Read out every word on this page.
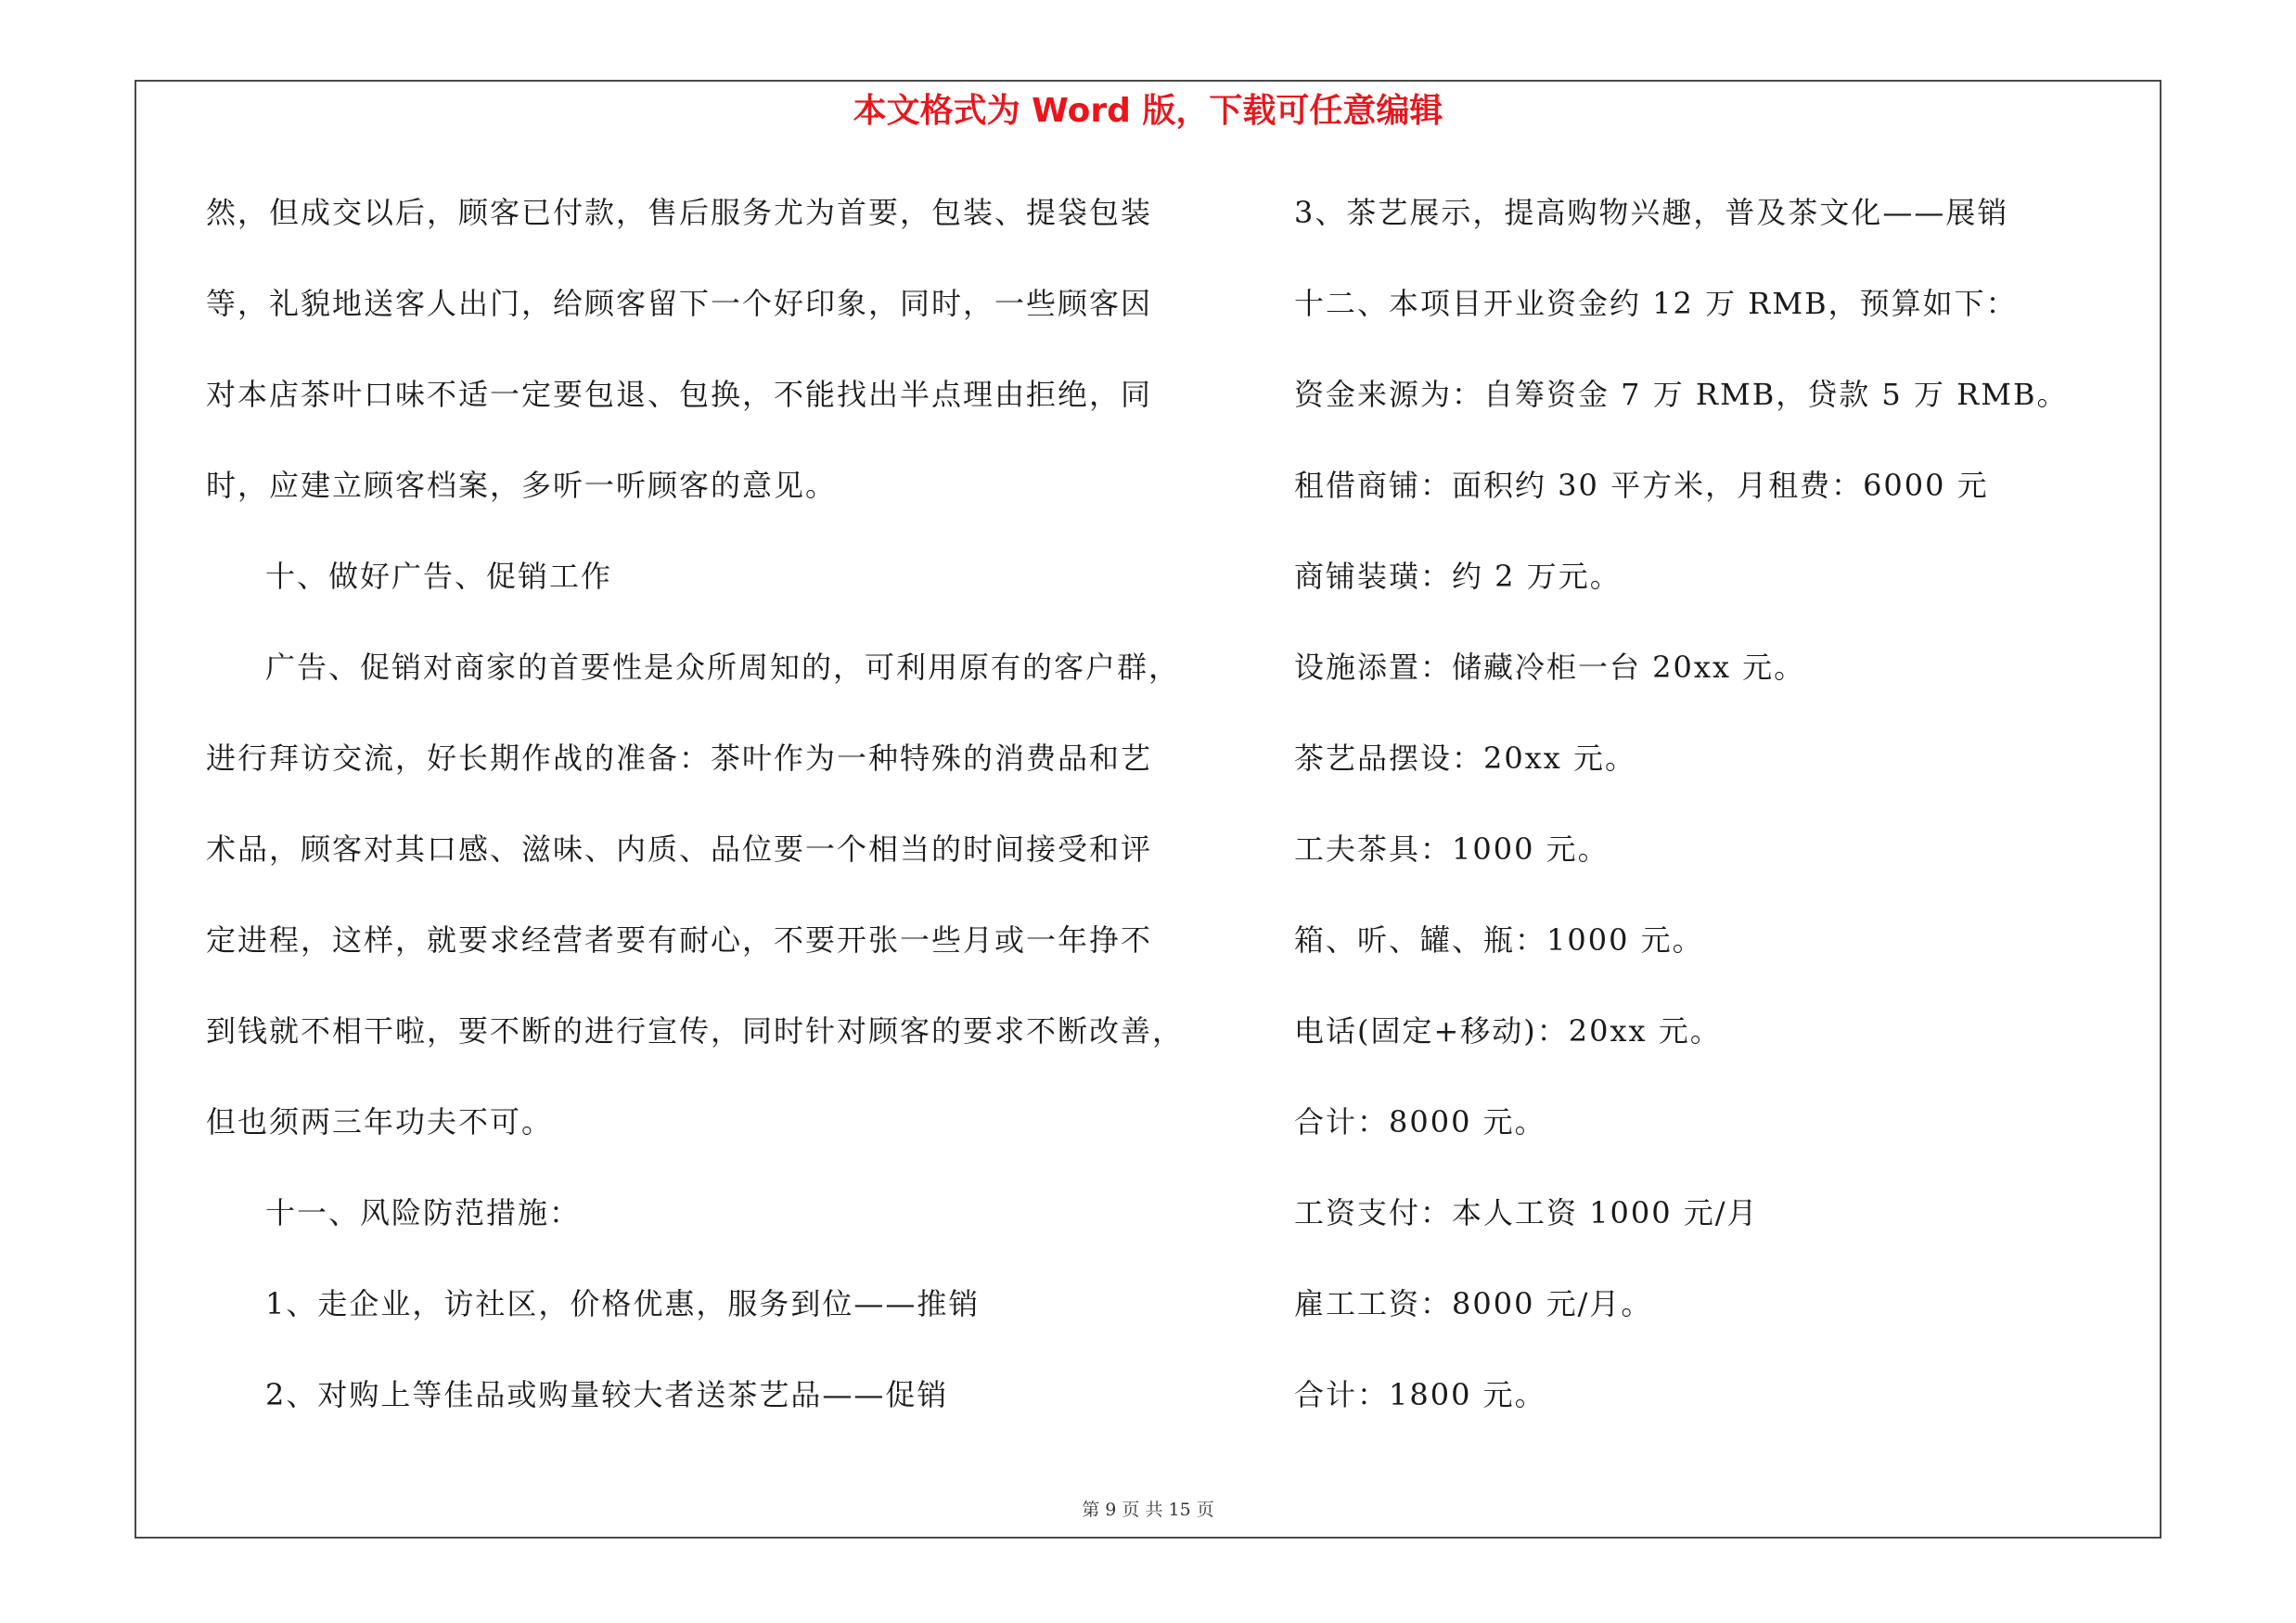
本文格式为 Word 版，下载可任意编辑
然，但成交以后，顾客已付款，售后服务尤为首要，包装、提袋包装
等，礼貌地送客人出门，给顾客留下一个好印象，同时，一些顾客因
对本店茶叶口味不适一定要包退、包换，不能找出半点理由拒绝，同
时，应建立顾客档案，多听一听顾客的意见。
十、做好广告、促销工作
广告、促销对商家的首要性是众所周知的，可利用原有的客户群，
进行拜访交流，好长期作战的准备：茶叶作为一种特殊的消费品和艺
术品，顾客对其口感、滋味、内质、品位要一个相当的时间接受和评
定进程，这样，就要求经营者要有耐心，不要开张一些月或一年挣不
到钱就不相干啦，要不断的进行宣传，同时针对顾客的要求不断改善，
但也须两三年功夫不可。
十一、风险防范措施：
1、走企业，访社区，价格优惠，服务到位——推销
2、对购上等佳品或购量较大者送茶艺品——促销
3、茶艺展示，提高购物兴趣，普及茶文化——展销
十二、本项目开业资金约 12 万 RMB，预算如下：
资金来源为：自筹资金 7 万 RMB，贷款 5 万 RMB。
租借商铺：面积约 30 平方米，月租费：6000 元
商铺装璜：约 2 万元。
设施添置：储藏冷柜一台 20xx 元。
茶艺品摆设：20xx 元。
工夫茶具：1000 元。
箱、听、罐、瓶：1000 元。
电话(固定+移动)：20xx 元。
合计：8000 元。
工资支付：本人工资 1000 元/月
雇工工资：8000 元/月。
合计：1800 元。
第 9 页 共 15 页
